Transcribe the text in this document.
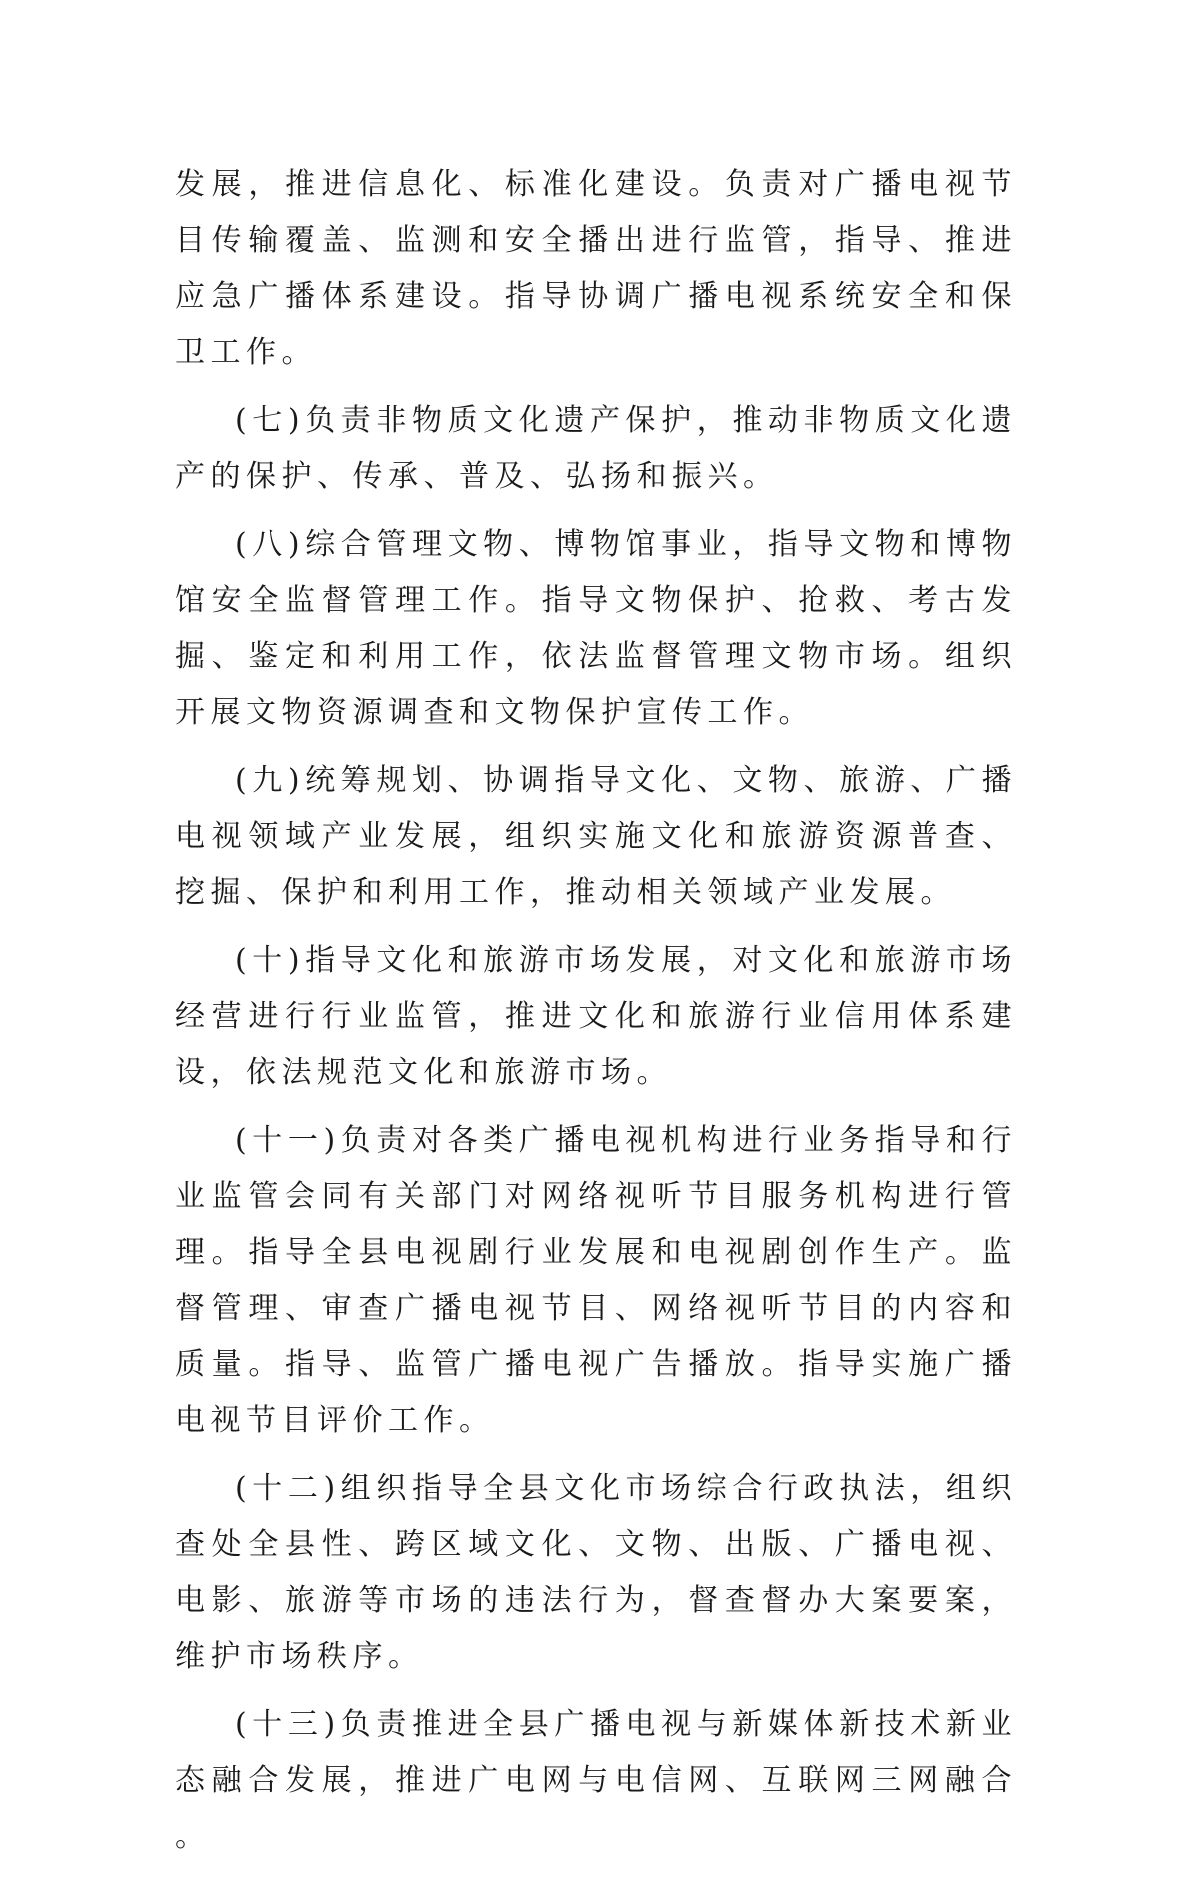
发展，推进信息化、标准化建设。负责对广播电视节目传输覆盖、监测和安全播出进行监管，指导、推进应急广播体系建设。指导协调广播电视系统安全和保卫工作。

(七)负责非物质文化遗产保护，推动非物质文化遗产的保护、传承、普及、弘扬和振兴。

(八)综合管理文物、博物馆事业，指导文物和博物馆安全监督管理工作。指导文物保护、抢救、考古发掘、鉴定和利用工作，依法监督管理文物市场。组织开展文物资源调查和文物保护宣传工作。

(九)统筹规划、协调指导文化、文物、旅游、广播电视领域产业发展，组织实施文化和旅游资源普查、挖掘、保护和利用工作，推动相关领域产业发展。

(十)指导文化和旅游市场发展，对文化和旅游市场经营进行行业监管，推进文化和旅游行业信用体系建设，依法规范文化和旅游市场。

(十一)负责对各类广播电视机构进行业务指导和行业监管会同有关部门对网络视听节目服务机构进行管理。指导全县电视剧行业发展和电视剧创作生产。监督管理、审查广播电视节目、网络视听节目的内容和质量。指导、监管广播电视广告播放。指导实施广播电视节目评价工作。

(十二)组织指导全县文化市场综合行政执法，组织查处全县性、跨区域文化、文物、出版、广播电视、电影、旅游等市场的违法行为，督查督办大案要案，维护市场秩序。

(十三)负责推进全县广播电视与新媒体新技术新业态融合发展，推进广电网与电信网、互联网三网融合。
